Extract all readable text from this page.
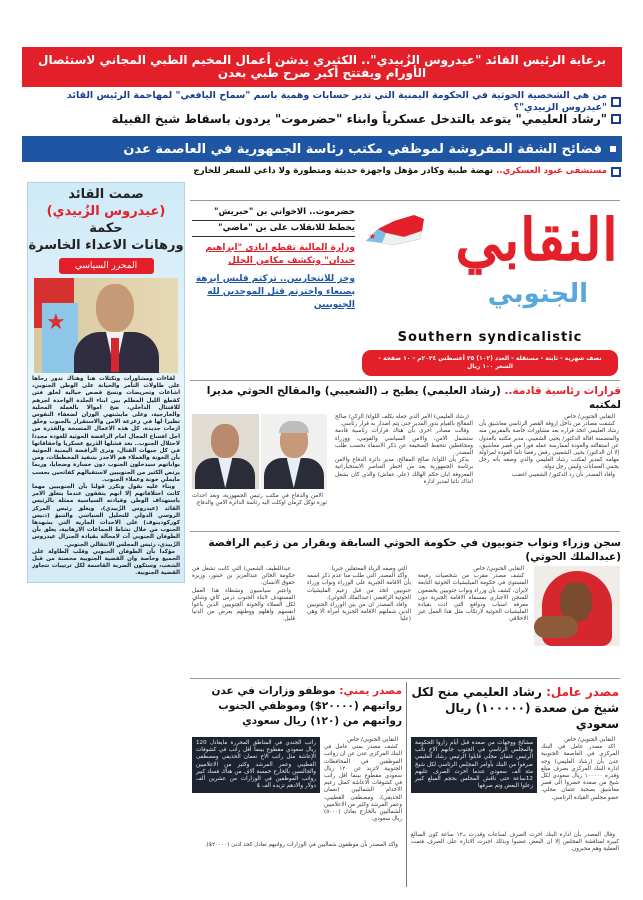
برعاية الرئيس القائد "عيدروس الزُبيدي".. الكثيري يدشن أعمال المخيم الطبي المجاني لاستئصال الأورام ويفتتح أكبر صرح طبي بعدن
من هي الشخصية الحوثية في الحكومة اليمنية التي تدير حسابات وهمية باسم "سماح اليافعي" لمهاجمة الرئيس القائد "عيدروس الزبيدي"؟
"رشاد العليمي" يتوعد بالتدخل عسكرياً وابناء "حضرموت" يردون باسقاط شيخ القبيلة
فضائح الشقة المفروشة لموظفي مكتب رئاسة الجمهورية في العاصمة عدن
مستشفى عبود العسكري.. نهضة طبية وكادر مؤهل واجهزة حديثة ومتطورة ولا داعي للسفر للخارج
صمت القائد
(عيدروس الزُبيدي) حكمة
ورهانات الاعداء الخاسرة
المحرر السياسي
★

لقاءات ومشاورات وتكتلات هنا وهناك تدور رحاها على طاولات التآمر والخيانة على الوطن الجنوبي، اشاعات وتحريضات ونسج قصص خيالية لخلق فتن كقطع الليل المظلم بين ابناء الجلدة الواحدة لجرهم للاقتتال الداخلي، ضخ اموالا بالعملة المحلية والخارجية، وعلى مايشتهي الوزان لضعفاء النفوس تظيرا لها في زعزعة الامن والاستقرار بالجنوب وخلق ازمات جديدة، كل هذه الاعمال المتسخة والقذرة من اجل افساح المجال امام الرافضة الحوثية للعودة مجددا لاحتلال الجنوب.. بعد فشلها الذريع عسكريا واخفاقاتها في كل جبهات القتال، وترى الرافضة اليمنية الحوثية بأن الخونة والعملاء هم الاجدر بتنفيذ المخططات، ومن بواباتهم سيدخلون الجنوب دون خسارة وضحايا، وربما يرتص الكثير من الجنوبيين لاستقبالهم كفاتحين بحسب مايملي خونة وعملاء الجنوب.

وبناء عليه نقول ونكرر قولنا بأن الجنوبيين مهما كانت اختلافاتهم إلا انهم يتفقون عندما يتعلق الامر باستهداف الوطن وقيادته السياسية ممثلة بالرئيس القائد (عيدروس الزُبيدي)، ويعلق رئيس المركز الروسي الدولي للتحليل السياسي والتنبؤ (دنيس كوركودينوف) على الاحداث الجارية التي يشهدها الجنوب من خلال نشاط الجماعات الارهابية، يعلق بأن الطوفان الجنوبي آت لامحالة بقيادة الجنرال عيدروس الزُبيدي، رئيس المجلس الانتقالي الجنوبي.

مؤكدا بأن الطوفان الجنوبي وقلب الطاولة على الجميع وخاصة وان القضية الجنوبية محصنة من قبل الشعب، وستكون الضربة القاسمة لكل ترتيبات تتجاوز القضية الجنوبية.

حضرموت.. الاخواني بن "حبريش"
يخطط للانقلاب على بن "ماضي"
وزارة المالية تقطع ايادي "ابراهيم حيدان" وتكشف مكامن الخلل
وخز للانتحاريين.. تركتم قليس ابرهة بصنعاء واخترتم قتل الموحدين لله الجنوبيين
★ النقابي
الجنوبي
Southern syndicalistic
نصف شهرية - ثابتة - مستقلة - العدد (١٠٢) ٢٥ أغسطس ٢٠٢٤م - ١٠ صفحة - السعر ١٠٠ ريال
قرارات رئاسية قادمة.. (رشاد العليمي) يطيح بـ (الشعيبي) والمقالح الحوثي مديرا لمكتبه

النقابي الجنوبي/ خاص

كشفت مصادر من داخل اروقة القصر الرئاسي معاشيق بأن رشاد العليمي اتخذ قراره بعد مشاورات خاصة بالمقربين منه والمتضمنة اقالة الدكتور/ يحيى الشعيبي، مدير مكتبه بالعدول عن استقالته والعودة لممارسة عمله فورا من قصر معاشيق، إلا ان الدكتور/ يحيى الشعيبي رفض رفضا تاما العودة لمزاولة مهامه كمدير لمكتب رشاد العليمي والذي وصفه بأنه رجل يحمي العصابات وليس رجل دولة.

وافاد المصدر بأن رد الدكتور/ الشعيبي اغضب

(رشاد العليمي) الامر الذي جعله يكلف اللواء/ الركن/ صالح المقالح بالقيام بدور المدير حتى يتم اصدار به قرار رئاسي.

وقالت مصادر اخرى بأن هناك قرارات رئاسية قادمة ستشمل الامن، والامن السياسي والقومي، ووزراء ومحافظين تتحفظ الصحيفة عن ذكر الاسماء بحسب طلب المصدر.

يذكر بأن اللواء/ صالح المقالح، مدير دائرة الدفاع والامن برئاسة الجمهورية يعد من اخطر العناصر الاستخباراتية المعروفة ابان حكم الهالك (علي عفاش) والذي كان يشغل انذاك نائبا لمدير ادارة

الامن والدفاع في مكتب رئيس الجمهورية، وبعد احداث ثورة توكل كرمان اوكلت اليه رئاسة الدائرة الامن والدفاع.

سجن وزراء ونواب جنوبيون في حكومة الحوثي السابقة وبقرار من زعيم الرافضة (عبدالملك الحوثي)

النقابي الجنوبي/ خاص

كشف مصدر مقرب من شخصيات رفيعة المستوى في حكومة الميليشيات الحوثية التابعة لايران، كشف بأن وزراء ونواب جنوبيين يخضعون للسجن الاجباري بمسماه الاقامة الجبرية دون معرفة اسباب ودوافع التي ادت بقيادة المليشيات الحوثية لارتكاب مثل هذا العمل غير الاخلاقي

التي وصفه الرباء المعتقلين جبريا.

وأكد المصدر التي طلب منا عدم ذكر اسمه بأن الاقامة الجبرية على الوزراء ونواب وزراء جنوبيين اتخذ من قبل زعيم المليشيات الحوثية الرافضي (عبدالملك الحوثي).

وافاد المصدر ان من بين الوزراء الجنوبيين الذين شملتهم الاقامة الجبرية امرأة ألا وهي (عليا

عبداللطيف الشعبي) التي كانت تشغل في حكومة الخائن عبدالعزيز بن حبتور، وزيرة حقوق الانسان.

واعتبر سياسيون ونشطاء هذا العمل المستهدف لابناء الجنوب درس كافٍ وشافٍ لكل العملاء والخونة الجنوبيين الذين باعوا انفسهم واهلهم ووطنهم بعرض من الدنيا قليل.

مصدر عامل: رشاد العليمي منح لكل شيخ من صعدة (١٠٠٠٠٠) ريال سعودي
مشائخ ووجهات من صعدة قبل أيام زاروا الحكومة والمجلس الرئاسي في الجنوب جابهم الاخ نائب الرئيس عثمان مجلي قابلوا الرئيس رشاد العليمي صرفوا من البنك بأوامر المجلس الرئاسي لكل شيخ مئة ألف سعودي عندما أخرت الصرف عليهم 12ساعة حتى ناقش المجلس بحجم المبلغ كبير زعلوا البعض وتم صرفها

النقابي الجنوبي/ خاص

اكد مصدر عامل في البنك المركزي في العاصمة الجنوبية عدن بأن (رشاد العليمي) وجه ادارة البنك المركزي بصرف مبلغ وقدره ١٠٠٠٠٠ ريال سعودي لكل شيخ من صعدة حضروا الى قصر معاشيق بصحبة عثمان مجلي، عضو مجلس القيادة الرئاسي.

وقال المصدر بأن ادارة البنك اخرت الصرف لساعات وقدرت بـ١٢ ساعة كون المبالغ كبيرة لمناقشة المجلس إلا ان البعض غضبوا وبذلك اجبرت الادارة على الصرف فتمت العملية وهم مجبرون.

مصدر يمني: موظفو وزارات في عدن رواتبهم (٢٠٠٠٠$) وموظفي الجنوب رواتبهم من (١٢٠) ريال سعودي
راتب الجندي في المناطق المحررة مايعادل 120 ريال سعودي مقطوع بينما أقل راتب في كشوفات الإعاشة مثل راتب الاخ نعمان الحذيفي ومصطفى القطيبي وعمر المرشد وكثير من الاعلاميين والجالسين بالخارج خمسة آلاف من هناك فساد كبير رواتب الموظفين في الوزارات من عشرين ألف دولار والادهم تزيده ألف $

النقابي الجنوبي/ خاص

كشف مصدر يمني عامل في البنك المركزي عدن عن ان رواتب الموظفين في المحافظات الجنوبية لاتزيد عن ١٢٠ ريال سعودي مقطوع بينما اقل راتب في كشوفات الاعاشة كمثل زعيم الاخدام الشماليين (نعمان الحذيفي)، ومصطفى القطيبي، وعمر المرشد وكثير من الاعلاميين الشماليين بالخارج يعادل (٥٠٠٠) ريال سعودي.

واكد المصدر بأن موظفون شماليين في الوزارات رواتبهم تعادل كحد ادنى (٢٠٠٠٠$).
